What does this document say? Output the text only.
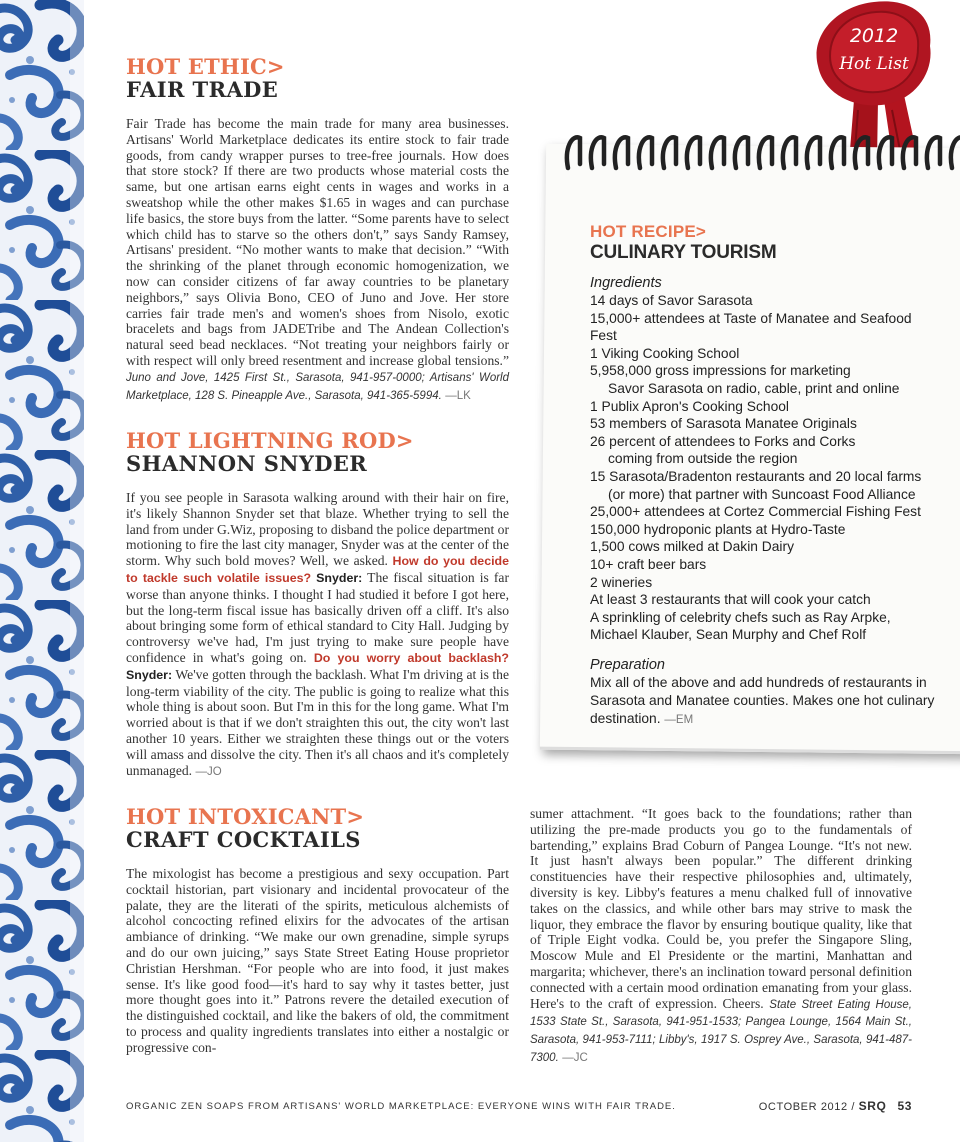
2012
Hot List
HOT ETHIC>
FAIR TRADE

Fair Trade has become the main trade for many area businesses. Artisans' World Marketplace dedicates its entire stock to fair trade goods, from candy wrapper purses to tree-free journals. How does that store stock? If there are two products whose material costs the same, but one artisan earns eight cents in wages and works in a sweatshop while the other makes $1.65 in wages and can purchase life basics, the store buys from the latter. “Some parents have to select which child has to starve so the others don't,” says Sandy Ramsey, Artisans' president. “No mother wants to make that decision.” “With the shrinking of the planet through economic homogenization, we now can consider citizens of far away countries to be planetary neighbors,” says Olivia Bono, CEO of Juno and Jove. Her store carries fair trade men's and women's shoes from Nisolo, exotic bracelets and bags from JADETribe and The Andean Collection's natural seed bead necklaces. “Not treating your neighbors fairly or with respect will only breed resentment and increase global tensions.” Juno and Jove, 1425 First St., Sarasota, 941-957-0000; Artisans' World Marketplace, 128 S. Pineapple Ave., Sarasota, 941-365-5994. —LK

HOT LIGHTNING ROD>
SHANNON SNYDER

If you see people in Sarasota walking around with their hair on fire, it's likely Shannon Snyder set that blaze. Whether trying to sell the land from under G.Wiz, proposing to disband the police department or motioning to fire the last city manager, Snyder was at the center of the storm. Why such bold moves? Well, we asked. How do you decide to tackle such volatile issues? Snyder: The fiscal situation is far worse than anyone thinks. I thought I had studied it before I got here, but the long-term fiscal issue has basically driven off a cliff. It's also about bringing some form of ethical standard to City Hall. Judging by controversy we've had, I'm just trying to make sure people have confidence in what's going on. Do you worry about backlash? Snyder: We've gotten through the backlash. What I'm driving at is the long-term viability of the city. The public is going to realize what this whole thing is about soon. But I'm in this for the long game. What I'm worried about is that if we don't straighten this out, the city won't last another 10 years. Either we straighten these things out or the voters will amass and dissolve the city. Then it's all chaos and it's completely unmanaged. —JO

HOT INTOXICANT>
CRAFT COCKTAILS

The mixologist has become a prestigious and sexy occupation. Part cocktail historian, part visionary and incidental provocateur of the palate, they are the literati of the spirits, meticulous alchemists of alcohol concocting refined elixirs for the advocates of the artisan ambiance of drinking. “We make our own grenadine, simple syrups and do our own juicing,” says State Street Eating House proprietor Christian Hershman. “For people who are into food, it just makes sense. It's like good food—it's hard to say why it tastes better, just more thought goes into it.” Patrons revere the detailed execution of the distinguished cocktail, and like the bakers of old, the commitment to process and quality ingredients translates into either a nostalgic or progressive con-

sumer attachment. “It goes back to the foundations; rather than utilizing the pre-made products you go to the fundamentals of bartending,” explains Brad Coburn of Pangea Lounge. “It's not new. It just hasn't always been popular.” The different drinking constituencies have their respective philosophies and, ultimately, diversity is key. Libby's features a menu chalked full of innovative takes on the classics, and while other bars may strive to mask the liquor, they embrace the flavor by ensuring boutique quality, like that of Triple Eight vodka. Could be, you prefer the Singapore Sling, Moscow Mule and El Presidente or the martini, Manhattan and margarita; whichever, there's an inclination toward personal definition connected with a certain mood ordination emanating from your glass. Here's to the craft of expression. Cheers. State Street Eating House, 1533 State St., Sarasota, 941-951-1533; Pangea Lounge, 1564 Main St., Sarasota, 941-953-7111; Libby's, 1917 S. Osprey Ave., Sarasota, 941-487-7300. —JC

HOT RECIPE>
CULINARY TOURISM
Ingredients
14 days of Savor Sarasota
15,000+ attendees at Taste of Manatee and Seafood Fest
1 Viking Cooking School
5,958,000 gross impressions for marketing
Savor Sarasota on radio, cable, print and online
1 Publix Apron's Cooking School
53 members of Sarasota Manatee Originals
26 percent of attendees to Forks and Corks
coming from outside the region
15 Sarasota/Bradenton restaurants and 20 local farms
(or more) that partner with Suncoast Food Alliance
25,000+ attendees at Cortez Commercial Fishing Fest
150,000 hydroponic plants at Hydro-Taste
1,500 cows milked at Dakin Dairy
10+ craft beer bars
2 wineries
At least 3 restaurants that will cook your catch
A sprinkling of celebrity chefs such as Ray Arpke, Michael Klauber, Sean Murphy and Chef Rolf
Preparation

Mix all of the above and add hundreds of restaurants in Sarasota and Manatee counties. Makes one hot culinary destination. —EM

ORGANIC ZEN SOAPS FROM ARTISANS' WORLD MARKETPLACE: EVERYONE WINS WITH FAIR TRADE.	OCTOBER 2012 / SRQ 53
